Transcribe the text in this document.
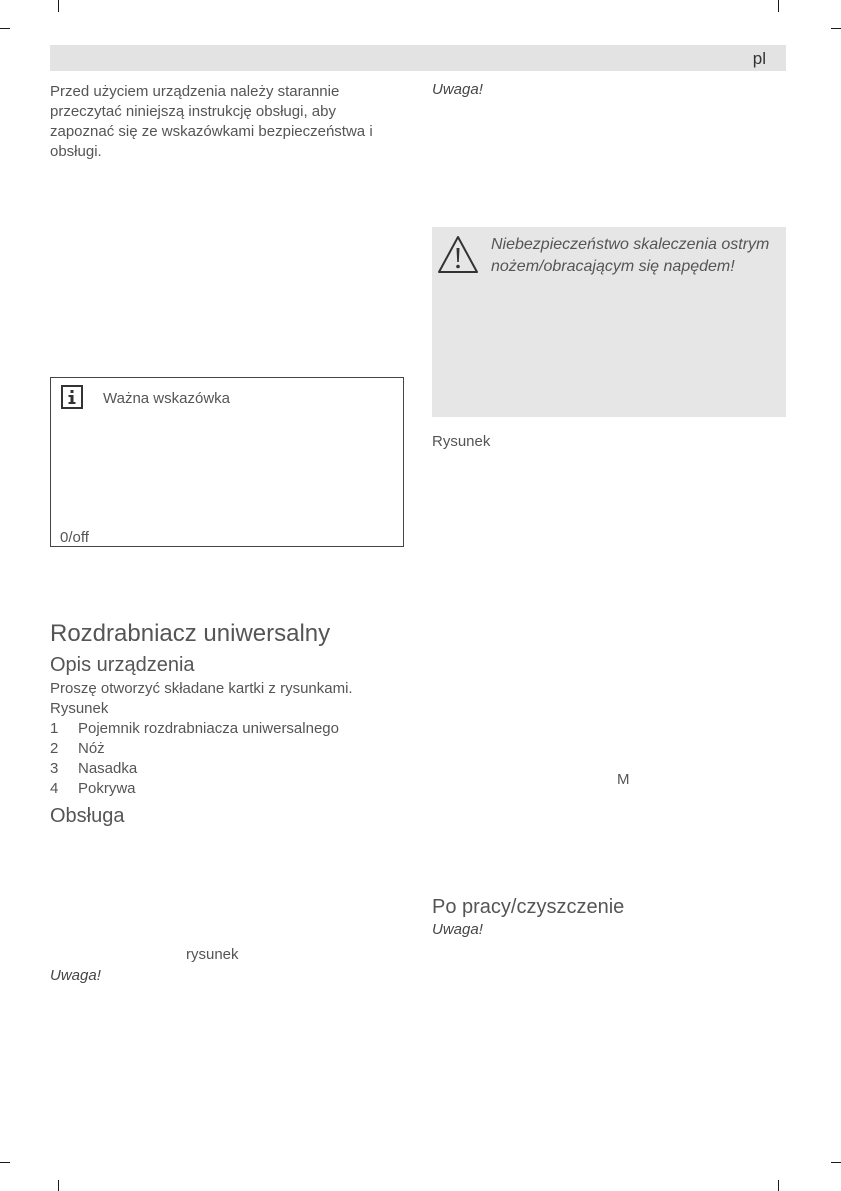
pl
Przed użyciem urządzenia należy starannie przeczytać niniejszą instrukcję obsługi, aby zapoznać się ze wskazówkami bezpieczeństwa i obsługi.
Ważna wskazówka
0/off
Rozdrabniacz uniwersalny
Opis urządzenia
Proszę otworzyć składane kartki z rysunkami.
Rysunek
1 Pojemnik rozdrabniacza uniwersalnego
2 Nóż
3 Nasadka
4 Pokrywa
Obsługa
rysunek
Uwaga!
Uwaga!
Niebezpieczeństwo skaleczenia ostrym nożem/obracającym się napędem!
Rysunek
M
Po pracy/czyszczenie
Uwaga!
